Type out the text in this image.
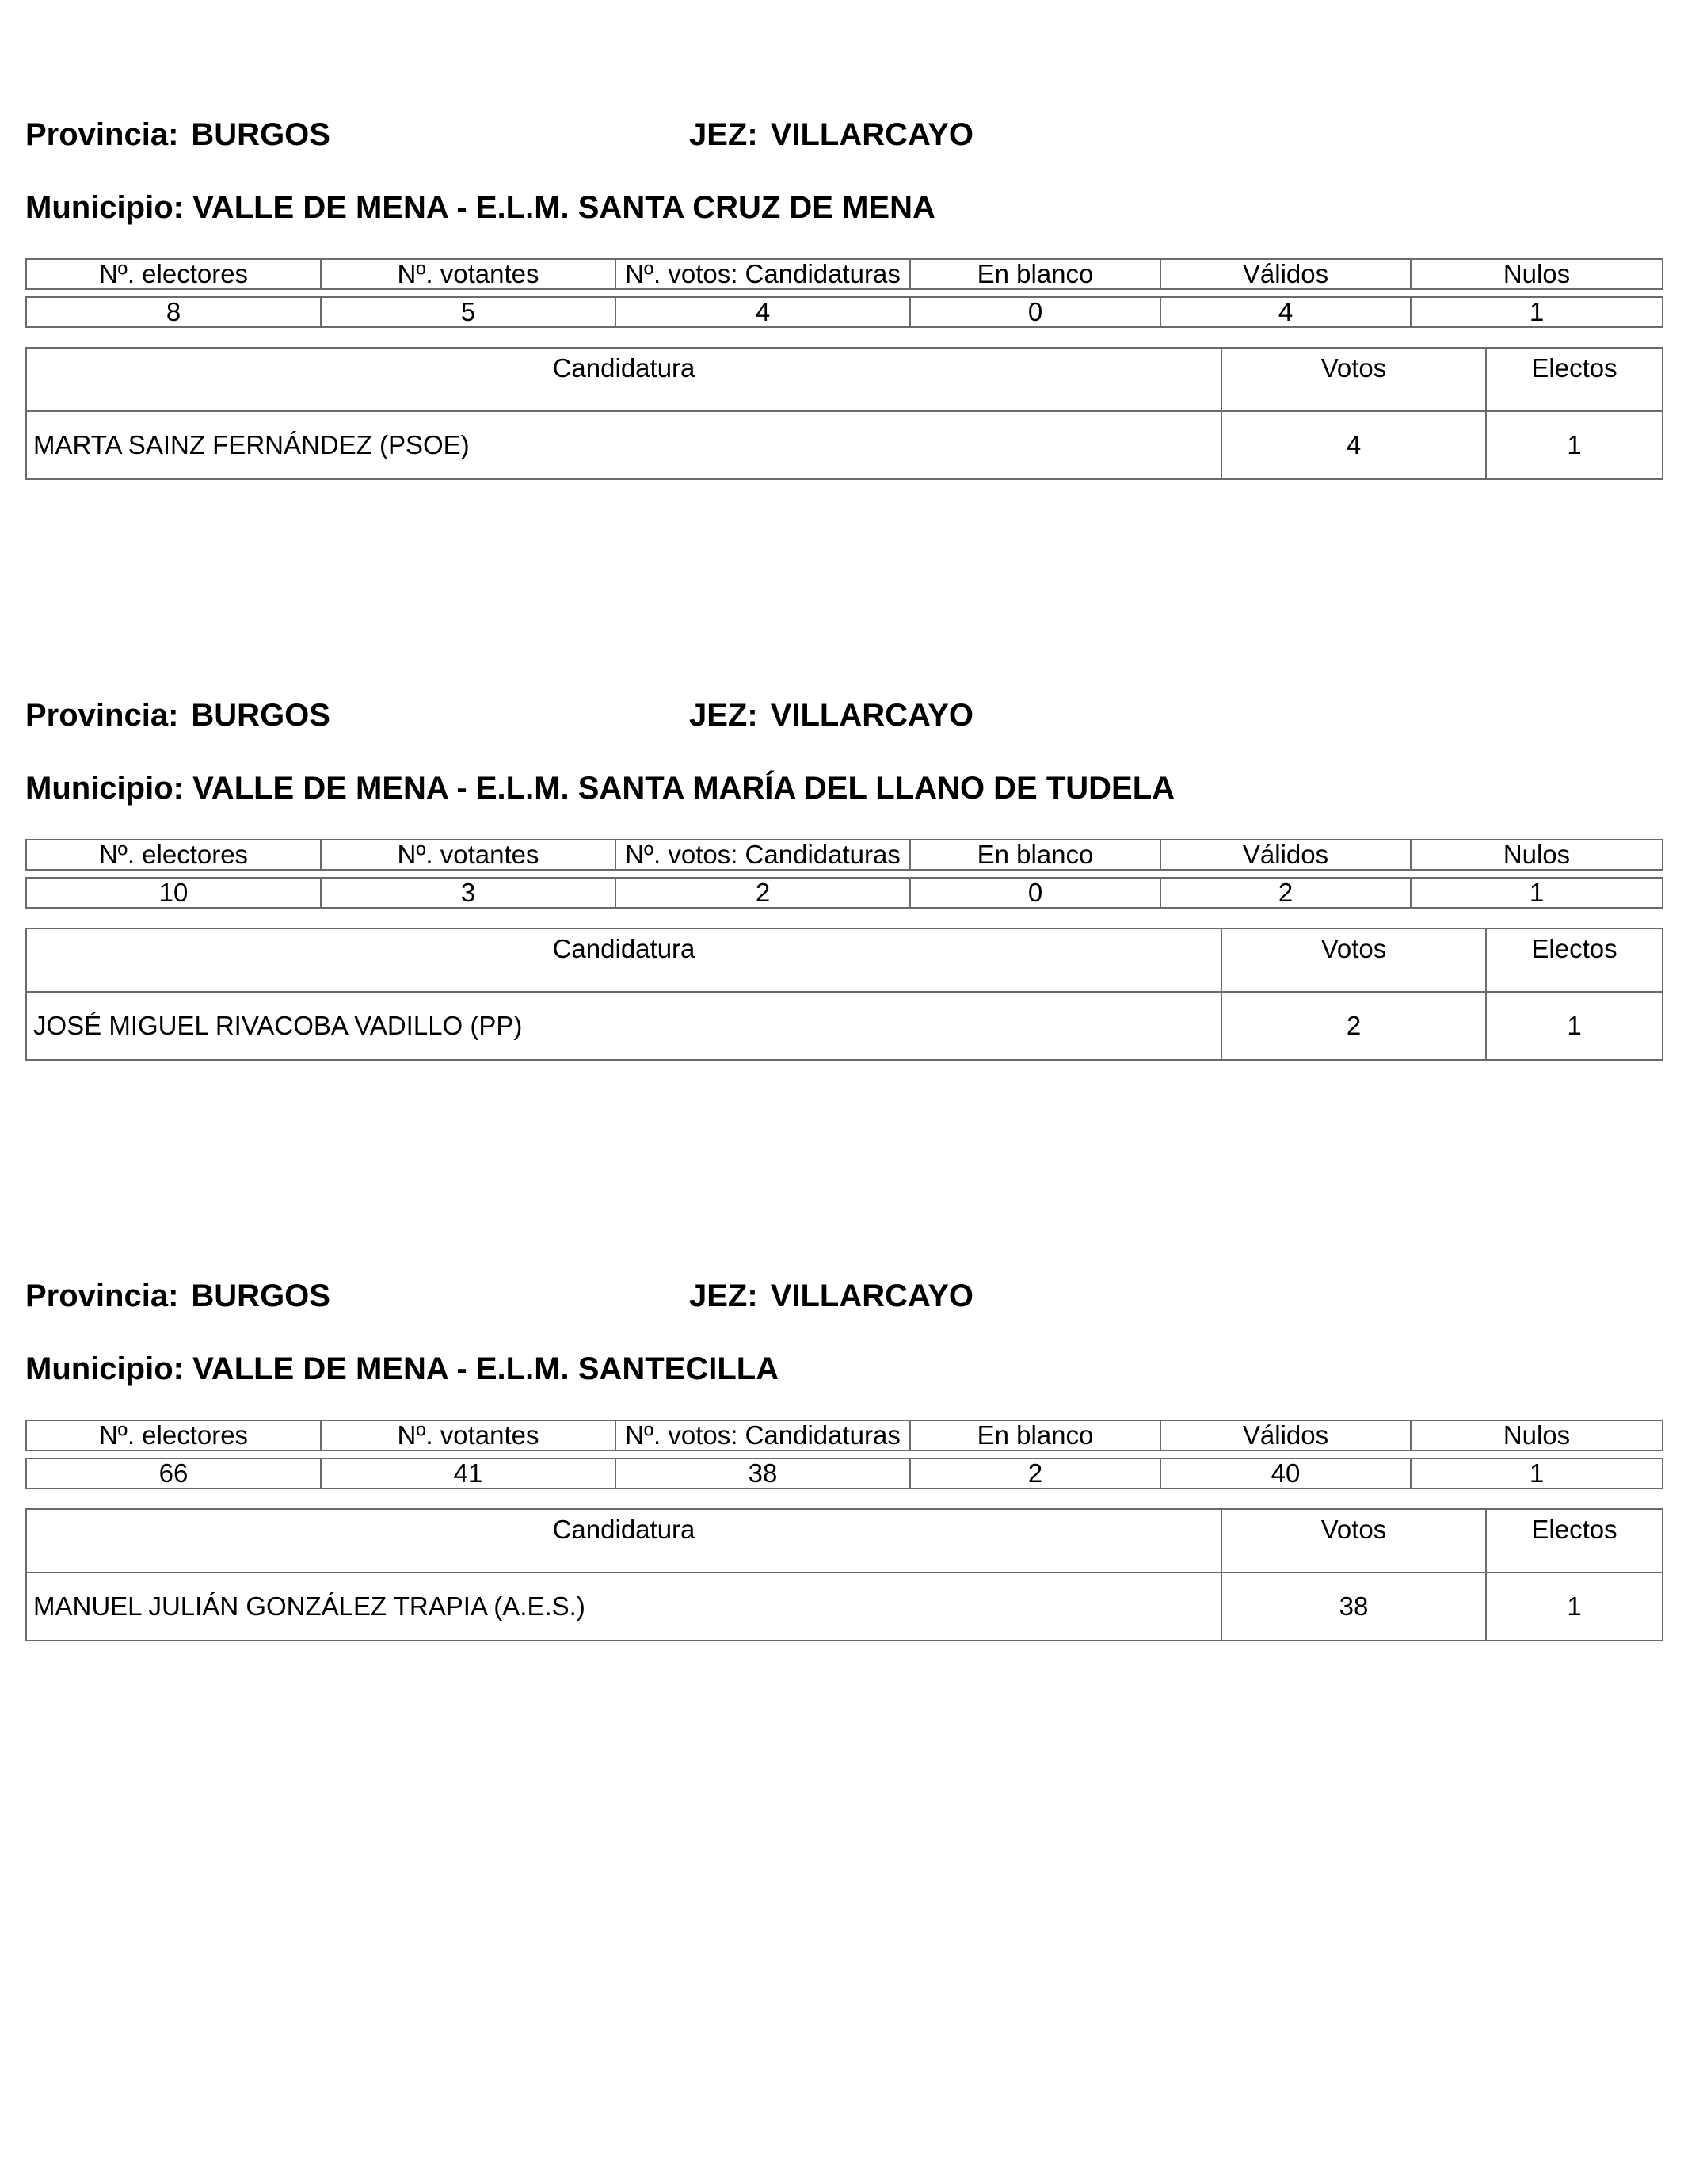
Provincia: BURGOS	JEZ: VILLARCAYO
Municipio: VALLE DE MENA - E.L.M. SANTA CRUZ DE MENA
Nº. electores	Nº. votantes	Nº. votos: Candidaturas	En blanco	Válidos	Nulos

8	5	4	0	4	1
Candidatura	Votos	Electos
MARTA SAINZ FERNÁNDEZ (PSOE)	4	1
Provincia: BURGOS	JEZ: VILLARCAYO
Municipio: VALLE DE MENA - E.L.M. SANTA MARÍA DEL LLANO DE TUDELA
Nº. electores	Nº. votantes	Nº. votos: Candidaturas	En blanco	Válidos	Nulos

10	3	2	0	2	1
Candidatura	Votos	Electos
JOSÉ MIGUEL RIVACOBA VADILLO (PP)	2	1
Provincia: BURGOS	JEZ: VILLARCAYO
Municipio: VALLE DE MENA - E.L.M. SANTECILLA
Nº. electores	Nº. votantes	Nº. votos: Candidaturas	En blanco	Válidos	Nulos

66	41	38	2	40	1
Candidatura	Votos	Electos
MANUEL JULIÁN GONZÁLEZ TRAPIA (A.E.S.)	38	1
